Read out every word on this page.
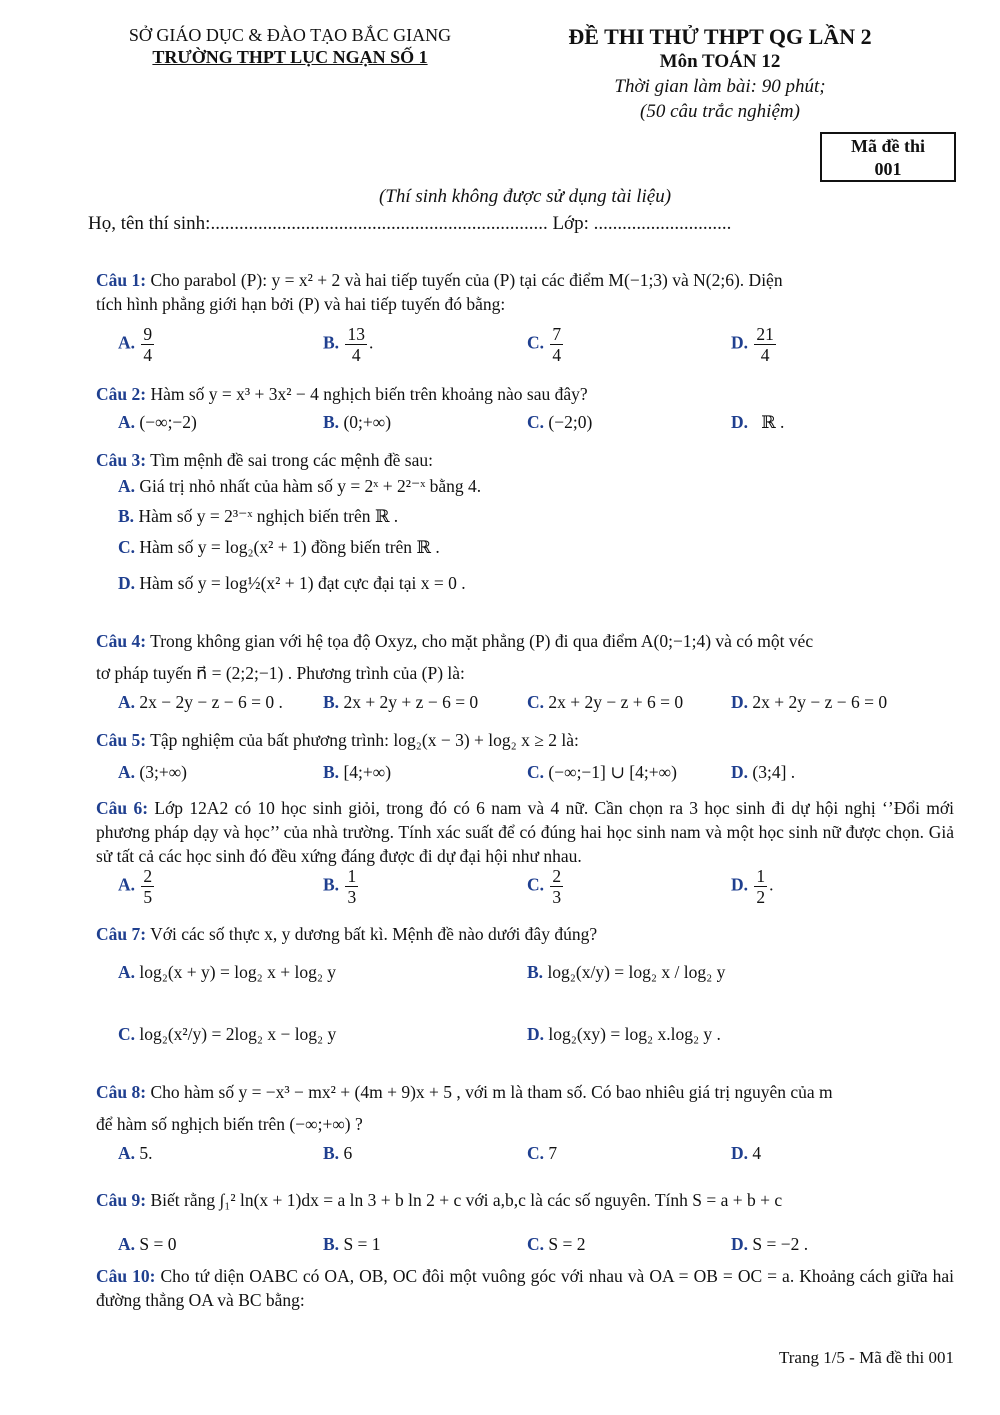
SỞ GIÁO DỤC & ĐÀO TẠO BẮC GIANG
TRƯỜNG THPT LỤC NGẠN SỐ 1
ĐỀ THI THỬ THPT QG LẦN 2
Môn TOÁN 12
Thời gian làm bài: 90 phút;
(50 câu trắc nghiệm)
Mã đề thi
001
(Thí sinh không được sử dụng tài liệu)
Họ, tên thí sinh:....................................................................... Lớp: .............................
Câu 1: Cho parabol (P): y = x² + 2 và hai tiếp tuyến của (P) tại các điểm M(−1;3) và N(2;6). Diện
tích hình phẳng giới hạn bởi (P) và hai tiếp tuyến đó bằng:
A. $\frac{9}{4}$	B. $\frac{13}{4}$ .	C. $\frac{7}{4}$	D. $\frac{21}{4}$
Câu 2: Hàm số y = x³ + 3x² − 4 nghịch biến trên khoảng nào sau đây?
A. (−∞;−2)	B. (0;+∞)	C. (−2;0)	D.   ℝ .
Câu 3: Tìm mệnh đề sai trong các mệnh đề sau:
A. Giá trị nhỏ nhất của hàm số y = 2ˣ + 2²⁻ˣ bằng 4.
B. Hàm số y = 2³⁻ˣ nghịch biến trên ℝ .
C. Hàm số y = log₂(x² + 1) đồng biến trên ℝ .
D. Hàm số y = log½(x² + 1) đạt cực đại tại x = 0 .
Câu 4: Trong không gian với hệ tọa độ Oxyz, cho mặt phẳng (P) đi qua điểm A(0;−1;4) và có một véc
tơ pháp tuyến n⃗ = (2;2;−1) . Phương trình của (P) là:
A. 2x − 2y − z − 6 = 0 . B. 2x + 2y + z − 6 = 0	C. 2x + 2y − z + 6 = 0	D. 2x + 2y − z − 6 = 0
Câu 5: Tập nghiệm của bất phương trình: log₂(x − 3) + log₂ x ≥ 2 là:
A. (3;+∞)	B. [4;+∞)	C. (−∞;−1] ∪ [4;+∞)	D. (3;4] .
Câu 6: Lớp 12A2 có 10 học sinh giỏi, trong đó có 6 nam và 4 nữ. Cần chọn ra 3 học sinh đi dự hội nghị ‘’Đổi mới phương pháp dạy và học’’ của nhà trường. Tính xác suất để có đúng hai học sinh nam và một học sinh nữ được chọn. Giả sử tất cả các học sinh đó đều xứng đáng được đi dự đại hội như nhau.
A. $\frac{2}{5}$	B. $\frac{1}{3}$	C. $\frac{2}{3}$	D. $\frac{1}{2}$ .
Câu 7: Với các số thực x, y dương bất kì. Mệnh đề nào dưới đây đúng?
A. log₂(x + y) = log₂ x + log₂ y	B. log₂(x/y) = log₂ x / log₂ y
C. log₂(x²/y) = 2log₂ x − log₂ y	D. log₂(xy) = log₂ x.log₂ y .
Câu 8: Cho hàm số y = −x³ − mx² + (4m + 9)x + 5 , với m là tham số. Có bao nhiêu giá trị nguyên của m
để hàm số nghịch biến trên (−∞;+∞) ?
A. 5.	B. 6	C. 7	D. 4
Câu 9: Biết rằng ∫₁² ln(x + 1)dx = a ln 3 + b ln 2 + c với a,b,c là các số nguyên. Tính S = a + b + c
A. S = 0	B. S = 1	C. S = 2	D. S = −2 .
Câu 10: Cho tứ diện OABC có OA, OB, OC đôi một vuông góc với nhau và OA = OB = OC = a. Khoảng cách giữa hai đường thẳng OA và BC bằng:
Trang 1/5 - Mã đề thi 001
